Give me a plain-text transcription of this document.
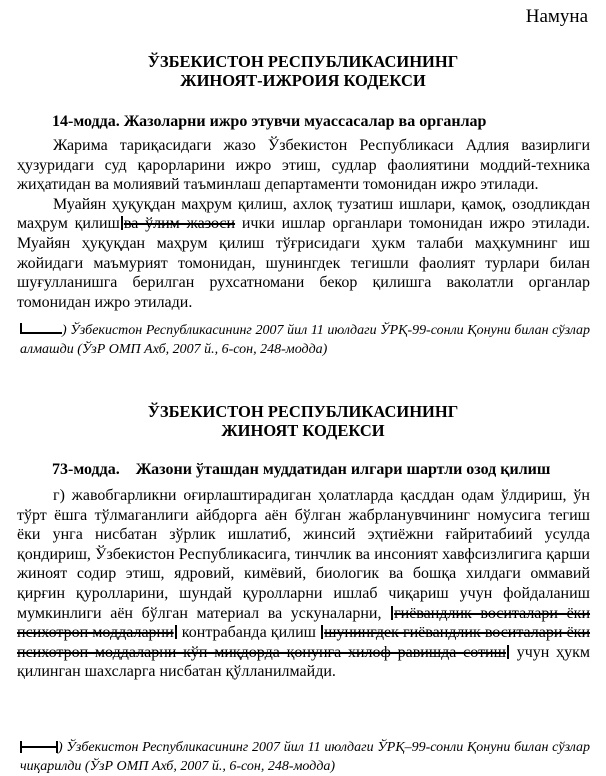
Намуна
ЎЗБЕКИСТОН РЕСПУБЛИКАСИНИНГ
ЖИНОЯТ-ИЖРОИЯ КОДЕКСИ
14-модда. Жазоларни ижро этувчи муассасалар ва органлар

Жарима тариқасидаги жазо Ўзбекистон Республикаси Адлия вазирлиги ҳузуридаги суд қарорларини ижро этиш, судлар фаолиятини моддий-техника жиҳатидан ва молиявий таъминлаш департаменти томонидан ижро этилади.

Муайян ҳуқуқдан маҳрум қилиш, ахлоқ тузатиш ишлари, қамоқ, озодликдан маҳрум қилиш ва ўлим жазоси ички ишлар органлари томонидан ижро этилади. Муайян ҳуқуқдан маҳрум қилиш тўғрисидаги ҳукм талаби маҳкумнинг иш жойидаги маъмурият томонидан, шунингдек тегишли фаолият турлари билан шуғулланишга берилган рухсатномани бекор қилишга ваколатли органлар томонидан ижро этилади.

) Ўзбекистон Республикасининг 2007 йил 11 июлдаги ЎРҚ-99-сонли Қонуни билан сўзлар алмашди (ЎзР ОМП Ахб, 2007 й., 6-сон, 248-модда)
ЎЗБЕКИСТОН РЕСПУБЛИКАСИНИНГ
ЖИНОЯТ КОДЕКСИ
73-модда.    Жазони ўташдан муддатидан илгари шартли озод қилиш

г) жавобгарликни оғирлаштирадиган ҳолатларда қасддан одам ўлдириш, ўн тўрт ёшга тўлмаганлиги айбдорга аён бўлган жабрланувчининг номусига тегиш ёки унга нисбатан зўрлик ишлатиб, жинсий эҳтиёжни ғайритабиий усулда қондириш, Ўзбекистон Республикасига, тинчлик ва инсоният хавфсизлигига қарши жиноят содир этиш, ядровий, кимёвий, биологик ва бошқа хилдаги оммавий қирғин қуролларини, шундай қуролларни ишлаб чиқариш учун фойдаланиш мумкинлиги аён бўлган материал ва ускуналарни, гиёвандлик воситалари ёки психотроп моддаларни контрабанда қилиш шунингдек гиёвандлик воситалари ёки психотроп моддаларни кўп миқдорда қонунга хилоф равишда сотиш учун ҳукм қилинган шахсларга нисбатан қўлланилмайди.

) Ўзбекистон Республикасининг 2007 йил 11 июлдаги ЎРҚ–99-сонли Қонуни билан сўзлар чиқарилди (ЎзР ОМП Ахб, 2007 й., 6-сон, 248-модда)
